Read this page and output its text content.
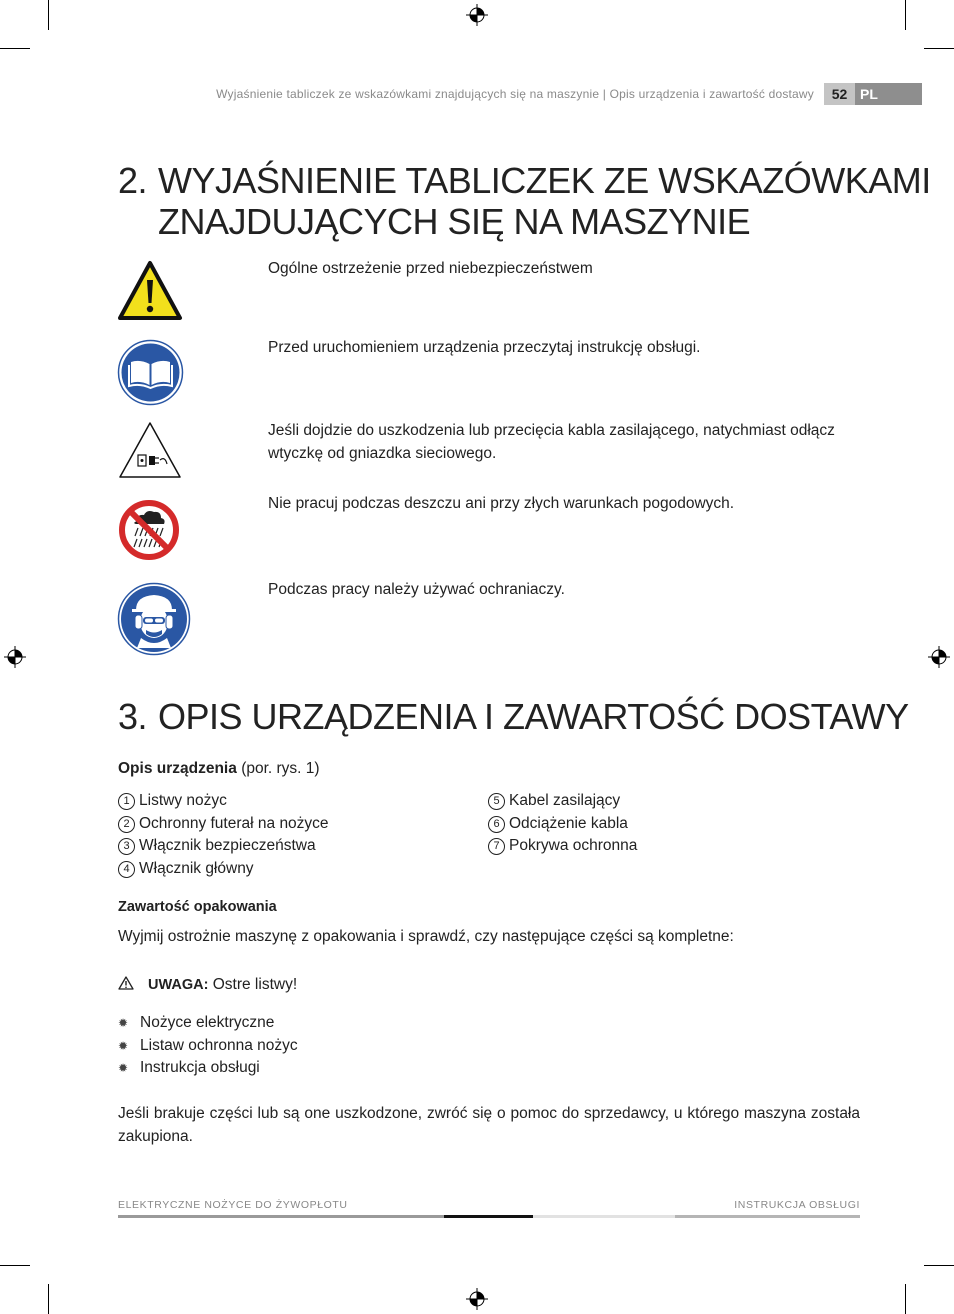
Wyjaśnienie tabliczek ze wskazówkami znajdujących się na maszynie | Opis urządzenia i zawartość dostawy	52 PL
2. WYJAŚNIENIE TABLICZEK ZE WSKAZÓWKAMI
ZNAJDUJĄCYCH SIĘ NA MASZYNIE
Ogólne ostrzeżenie przed niebezpieczeństwem
Przed uruchomieniem urządzenia przeczytaj instrukcję obsługi.
Jeśli dojdzie do uszkodzenia lub przecięcia kabla zasilającego, natychmiast odłącz wtyczkę od gniazdka sieciowego.
Nie pracuj podczas deszczu ani przy złych warunkach pogodowych.
Podczas pracy należy używać ochraniaczy.
3. OPIS URZĄDZENIA I ZAWARTOŚĆ DOSTAWY
Opis urządzenia (por. rys. 1)
1 Listwy nożyc
2 Ochronny futerał na nożyce
3 Włącznik bezpieczeństwa
4 Włącznik główny
5 Kabel zasilający
6 Odciążenie kabla
7 Pokrywa ochronna
Zawartość opakowania
Wyjmij ostrożnie maszynę z opakowania i sprawdź, czy następujące części są kompletne:
UWAGA: Ostre listwy!
✹ Nożyce elektryczne
✹ Listaw ochronna nożyc
✹ Instrukcja obsługi
Jeśli brakuje części lub są one uszkodzone, zwróć się o pomoc do sprzedawcy, u którego maszyna została zakupiona.
ELEKTRYCZNE NOŻYCE DO ŻYWOPŁOTU	INSTRUKCJA OBSŁUGI
